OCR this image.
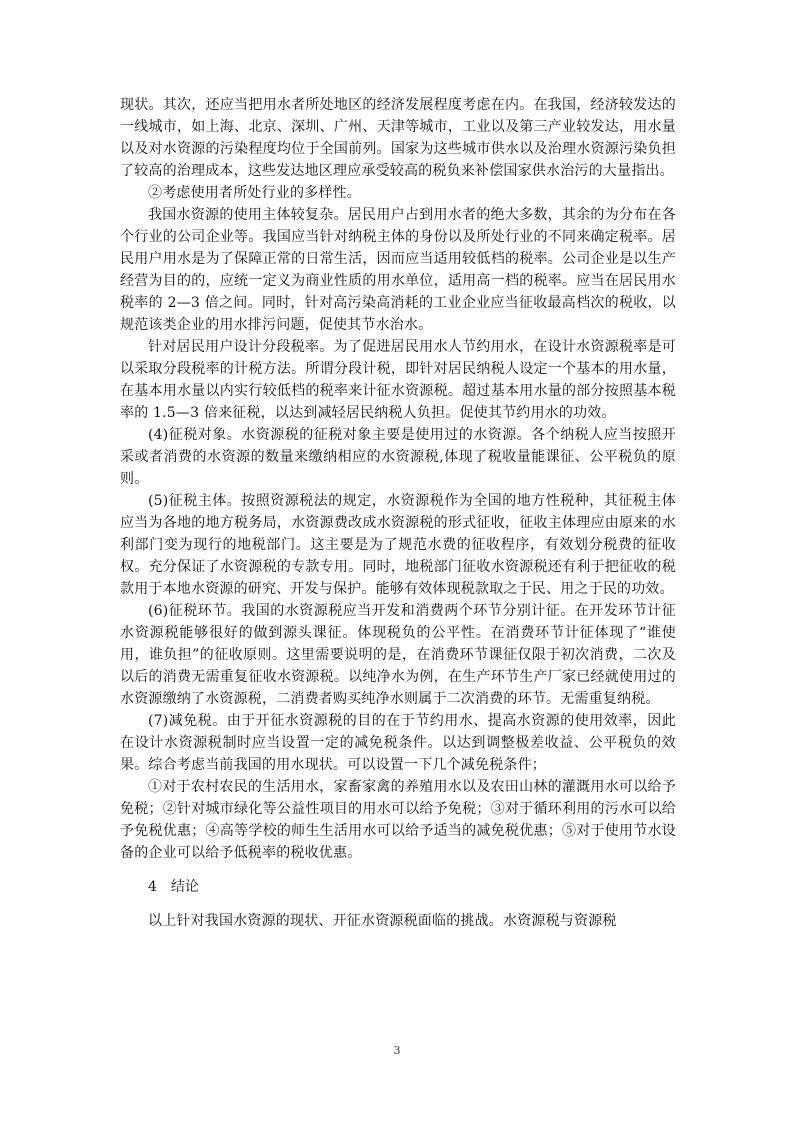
现状。其次，还应当把用水者所处地区的经济发展程度考虑在内。在我国，经济较发达的一线城市，如上海、北京、深圳、广州、天津等城市，工业以及第三产业较发达，用水量以及对水资源的污染程度均位于全国前列。国家为这些城市供水以及治理水资源污染负担了较高的治理成本，这些发达地区理应承受较高的税负来补偿国家供水治污的大量指出。

②考虑使用者所处行业的多样性。

我国水资源的使用主体较复杂。居民用户占到用水者的绝大多数，其余的为分布在各个行业的公司企业等。我国应当针对纳税主体的身份以及所处行业的不同来确定税率。居民用户用水是为了保障正常的日常生活，因而应当适用较低档的税率。公司企业是以生产经营为目的的，应统一定义为商业性质的用水单位，适用高一档的税率。应当在居民用水税率的 2—3 倍之间。同时，针对高污染高消耗的工业企业应当征收最高档次的税收，以规范该类企业的用水排污问题，促使其节水治水。

针对居民用户设计分段税率。为了促进居民用水人节约用水，在设计水资源税率是可以采取分段税率的计税方法。所谓分段计税，即针对居民纳税人设定一个基本的用水量，在基本用水量以内实行较低档的税率来计征水资源税。超过基本用水量的部分按照基本税率的 1.5—3 倍来征税，以达到减轻居民纳税人负担。促使其节约用水的功效。

(4)征税对象。水资源税的征税对象主要是使用过的水资源。各个纳税人应当按照开采或者消费的水资源的数量来缴纳相应的水资源税,体现了税收量能课征、公平税负的原则。

(5)征税主体。按照资源税法的规定，水资源税作为全国的地方性税种，其征税主体应当为各地的地方税务局，水资源费改成水资源税的形式征收，征收主体理应由原来的水利部门变为现行的地税部门。这主要是为了规范水费的征收程序，有效划分税费的征收权。充分保证了水资源税的专款专用。同时，地税部门征收水资源税还有利于把征收的税款用于本地水资源的研究、开发与保护。能够有效体现税款取之于民、用之于民的功效。

(6)征税环节。我国的水资源税应当开发和消费两个环节分别计征。在开发环节计征水资源税能够很好的做到源头课征。体现税负的公平性。在消费环节计征体现了“谁使用，谁负担”的征收原则。这里需要说明的是，在消费环节课征仅限于初次消费，二次及以后的消费无需重复征收水资源税。以纯净水为例，在生产环节生产厂家已经就使用过的水资源缴纳了水资源税，二消费者购买纯净水则属于二次消费的环节。无需重复纳税。

(7)减免税。由于开征水资源税的目的在于节约用水、提高水资源的使用效率，因此在设计水资源税制时应当设置一定的减免税条件。以达到调整极差收益、公平税负的效果。综合考虑当前我国的用水现状。可以设置一下几个减免税条件；

①对于农村农民的生活用水，家畜家禽的养殖用水以及农田山林的灌溉用水可以给予免税；②针对城市绿化等公益性项目的用水可以给予免税；③对于循环利用的污水可以给予免税优惠；④高等学校的师生生活用水可以给予适当的减免税优惠；⑤对于使用节水设备的企业可以给予低税率的税收优惠。

4 结论

以上针对我国水资源的现状、开征水资源税面临的挑战。水资源税与资源税

3
